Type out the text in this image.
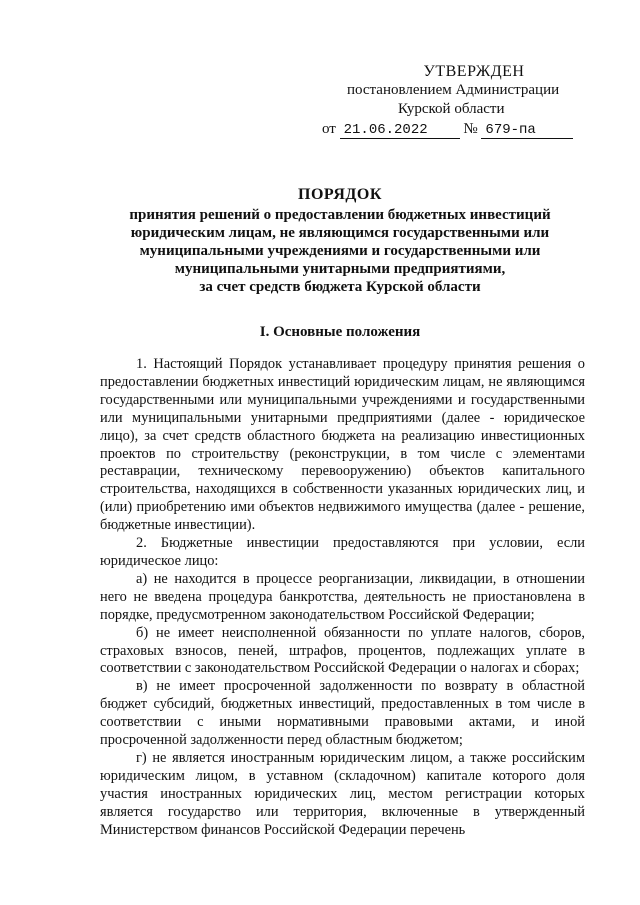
УТВЕРЖДЕН
постановлением Администрации
Курской области
от 21.06.2022 № 679-па
ПОРЯДОК
принятия решений о предоставлении бюджетных инвестиций
юридическим лицам, не являющимся государственными или
муниципальными учреждениями и государственными или
муниципальными унитарными предприятиями,
за счет средств бюджета Курской области
I. Основные положения

1. Настоящий Порядок устанавливает процедуру принятия решения о предоставлении бюджетных инвестиций юридическим лицам, не являющимся государственными или муниципальными учреждениями и государственными или муниципальными унитарными предприятиями (далее - юридическое лицо), за счет средств областного бюджета на реализацию инвестиционных проектов по строительству (реконструкции, в том числе с элементами реставрации, техническому перевооружению) объектов капитального строительства, находящихся в собственности указанных юридических лиц, и (или) приобретению ими объектов недвижимого имущества (далее - решение, бюджетные инвестиции).

2. Бюджетные инвестиции предоставляются при условии, если юридическое лицо:

а) не находится в процессе реорганизации, ликвидации, в отношении него не введена процедура банкротства, деятельность не приостановлена в порядке, предусмотренном законодательством Российской Федерации;

б) не имеет неисполненной обязанности по уплате налогов, сборов, страховых взносов, пеней, штрафов, процентов, подлежащих уплате в соответствии с законодательством Российской Федерации о налогах и сборах;

в) не имеет просроченной задолженности по возврату в областной бюджет субсидий, бюджетных инвестиций, предоставленных в том числе в соответствии с иными нормативными правовыми актами, и иной просроченной задолженности перед областным бюджетом;

г) не является иностранным юридическим лицом, а также российским юридическим лицом, в уставном (складочном) капитале которого доля участия иностранных юридических лиц, местом регистрации которых является государство или территория, включенные в утвержденный Министерством финансов Российской Федерации перечень
